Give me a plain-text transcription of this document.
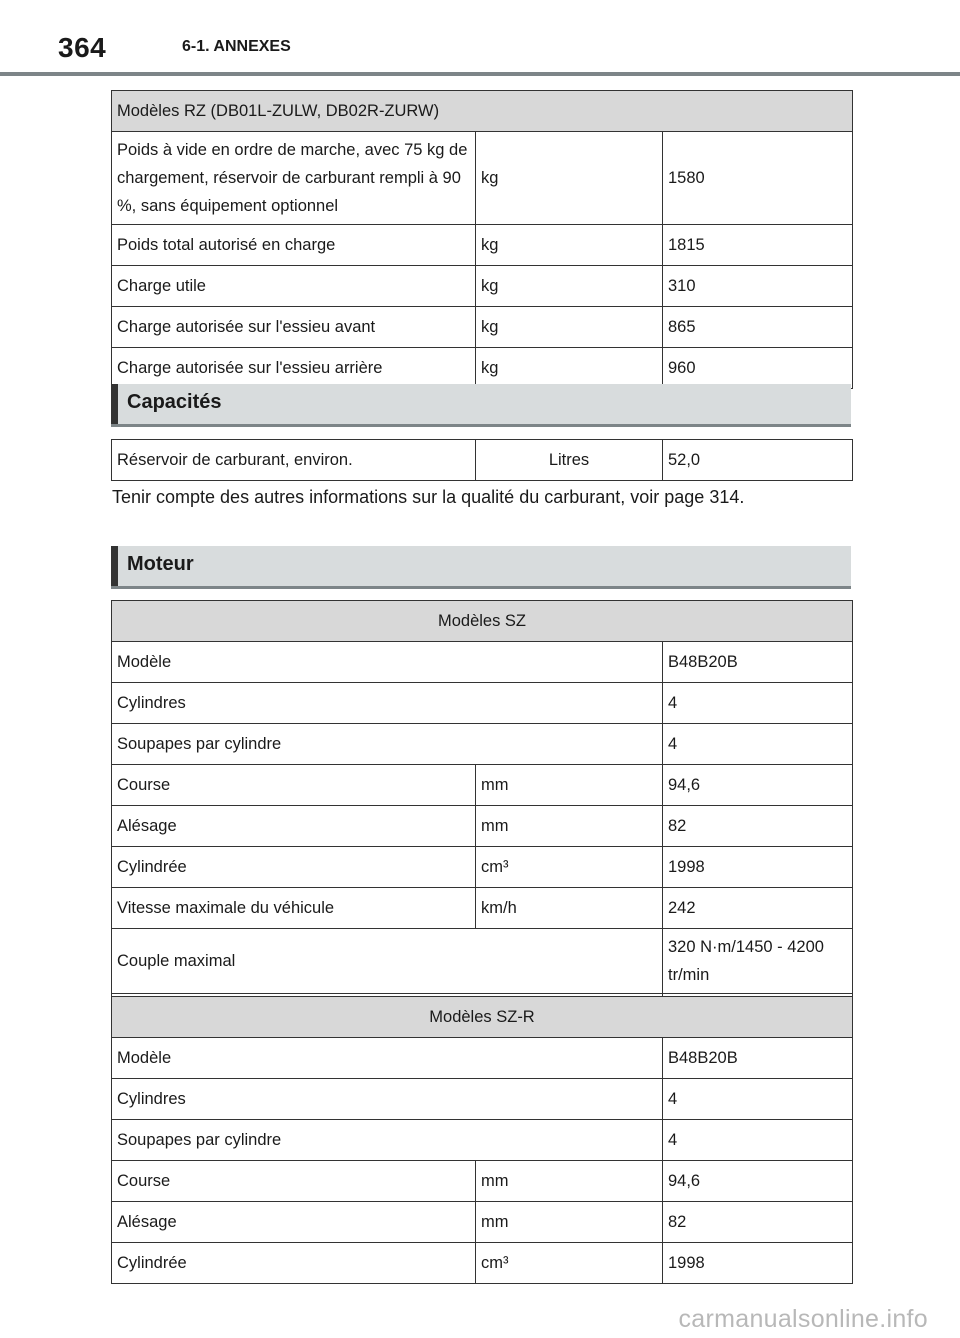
364	6-1. ANNEXES
Modèles RZ (DB01L-ZULW, DB02R-ZURW)		
Poids à vide en ordre de marche, avec 75 kg de chargement, réservoir de carburant rempli à 90 %, sans équipement optionnel	kg	1580
Poids total autorisé en charge	kg	1815
Charge utile	kg	310
Charge autorisée sur l'essieu avant	kg	865
Charge autorisée sur l'essieu arrière	kg	960
Capacités
Réservoir de carburant, environ.	Litres	52,0
Tenir compte des autres informations sur la qualité du carburant, voir page 314.
Moteur
Modèles SZ		
Modèle		B48B20B
Cylindres		4
Soupapes par cylindre		4
Course	mm	94,6
Alésage	mm	82
Cylindrée	cm³	1998
Vitesse maximale du véhicule	km/h	242
Couple maximal		320 N·m/1450 - 4200 tr/min

Modèles SZ-R		
Modèle		B48B20B
Cylindres		4
Soupapes par cylindre		4
Course	mm	94,6
Alésage	mm	82
Cylindrée	cm³	1998
carmanualsonline.info
